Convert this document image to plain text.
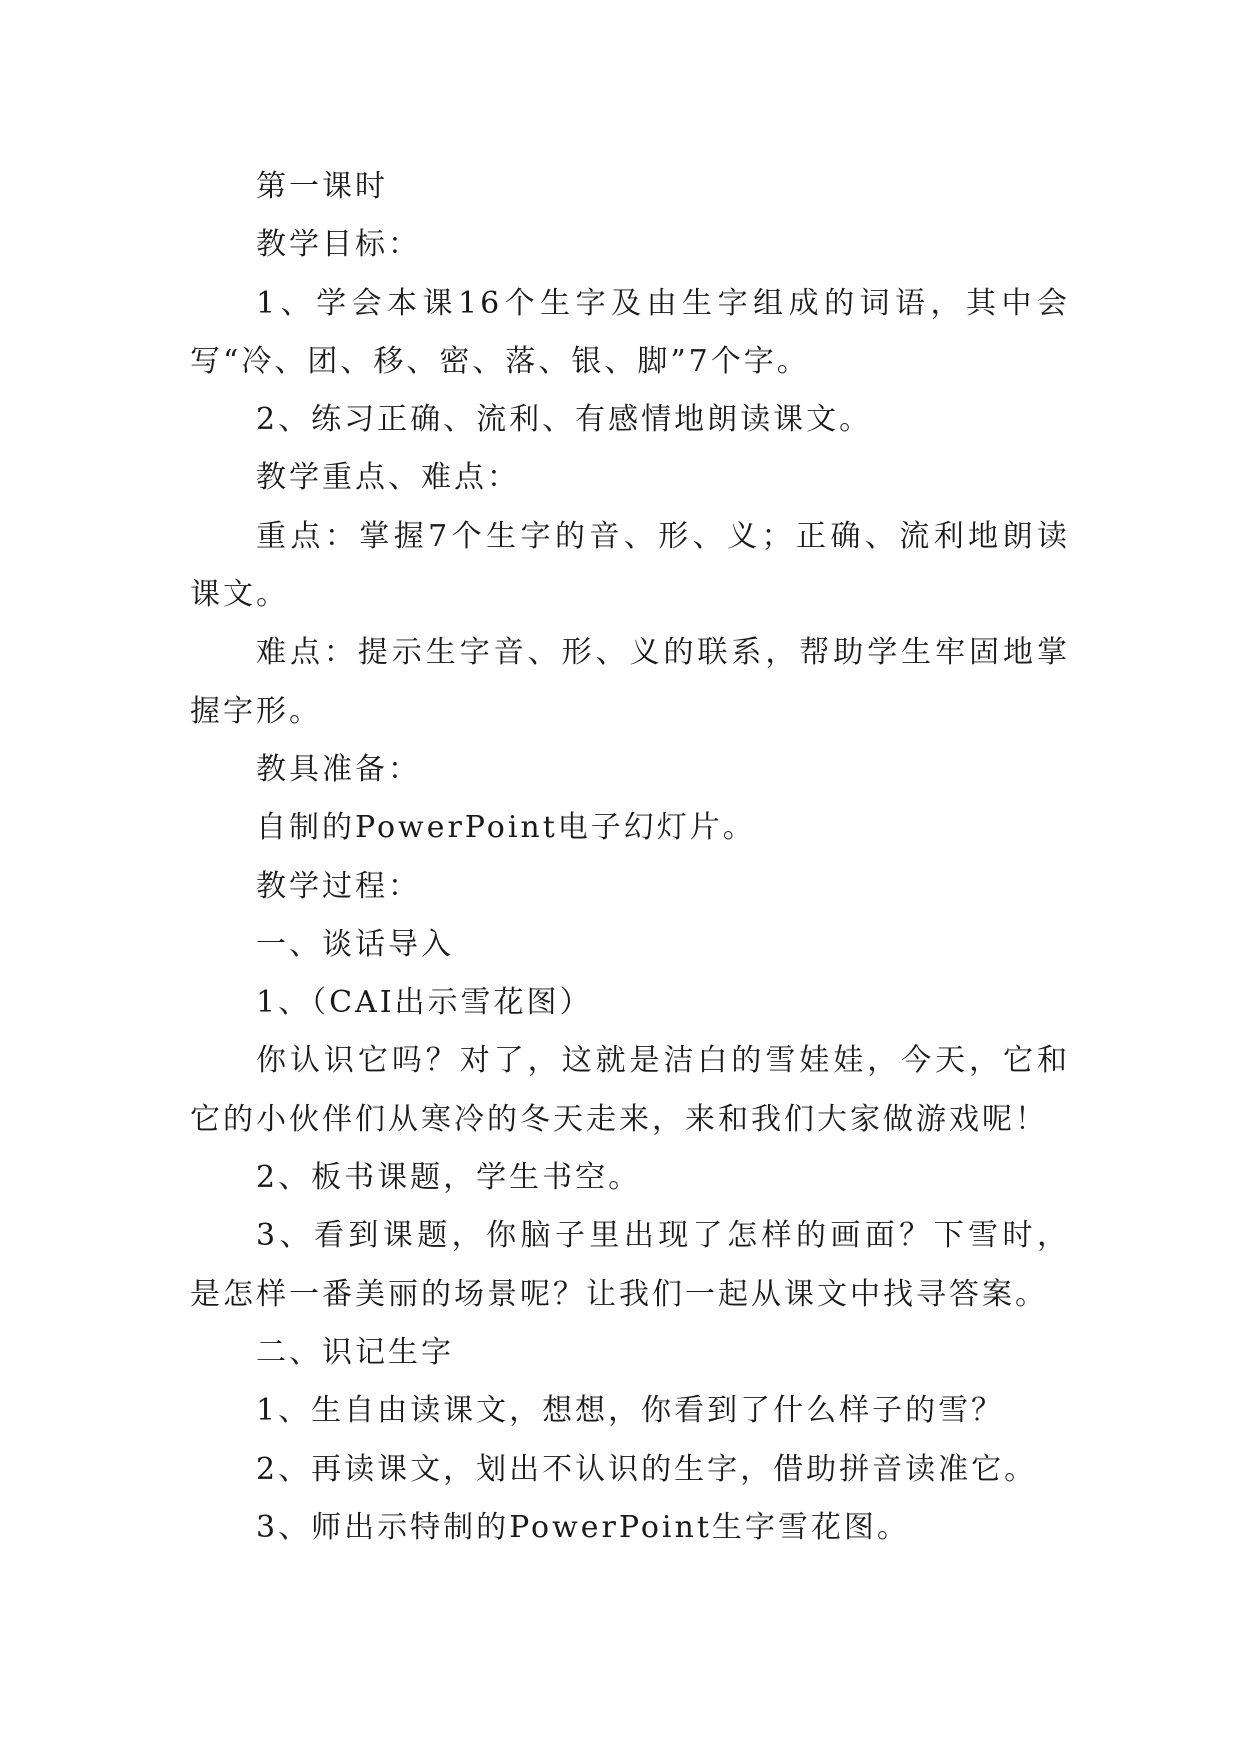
第一课时

教学目标：

1、学会本课16个生字及由生字组成的词语，其中会写“冷、团、移、密、落、银、脚”7个字。

2、练习正确、流利、有感情地朗读课文。

教学重点、难点：

重点：掌握7个生字的音、形、义；正确、流利地朗读课文。

难点：提示生字音、形、义的联系，帮助学生牢固地掌握字形。

教具准备：

自制的PowerPoint电子幻灯片。

教学过程：

一、谈话导入

1、（CAI出示雪花图）

你认识它吗？对了，这就是洁白的雪娃娃，今天，它和它的小伙伴们从寒冷的冬天走来，来和我们大家做游戏呢！

2、板书课题，学生书空。

3、看到课题，你脑子里出现了怎样的画面？下雪时，是怎样一番美丽的场景呢？让我们一起从课文中找寻答案。

二、识记生字

1、生自由读课文，想想，你看到了什么样子的雪？

2、再读课文，划出不认识的生字，借助拼音读准它。

3、师出示特制的PowerPoint生字雪花图。
